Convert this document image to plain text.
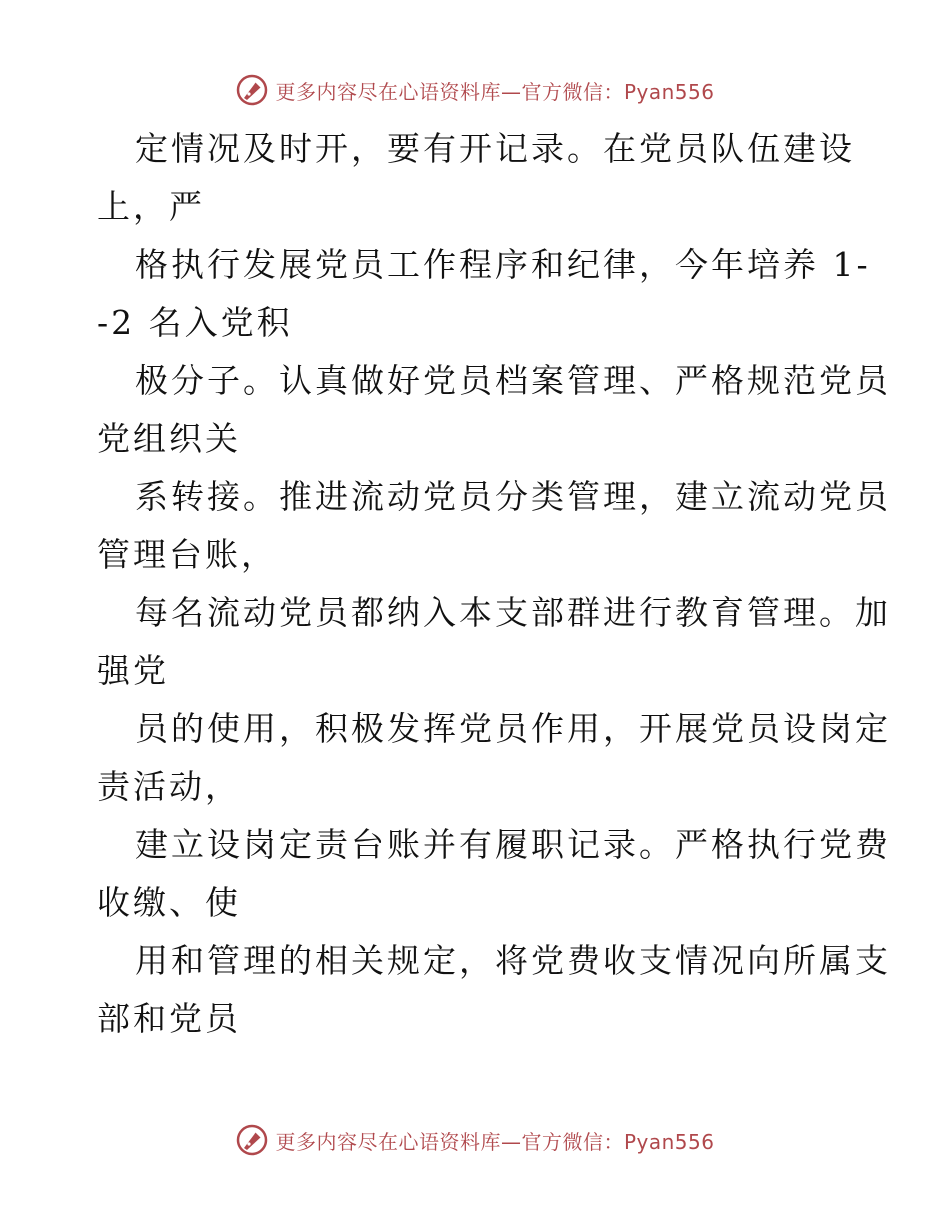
更多内容尽在心语资料库—官方微信：Pyan556
定情况及时开，要有开记录。在党员队伍建设
上，严
格执行发展党员工作程序和纪律，今年培养 1-
-2 名入党积
极分子。认真做好党员档案管理、严格规范党员
党组织关
系转接。推进流动党员分类管理，建立流动党员
管理台账，
每名流动党员都纳入本支部群进行教育管理。加
强党
员的使用，积极发挥党员作用，开展党员设岗定
责活动，
建立设岗定责台账并有履职记录。严格执行党费
收缴、使
用和管理的相关规定，将党费收支情况向所属支
部和党员
更多内容尽在心语资料库—官方微信：Pyan556
